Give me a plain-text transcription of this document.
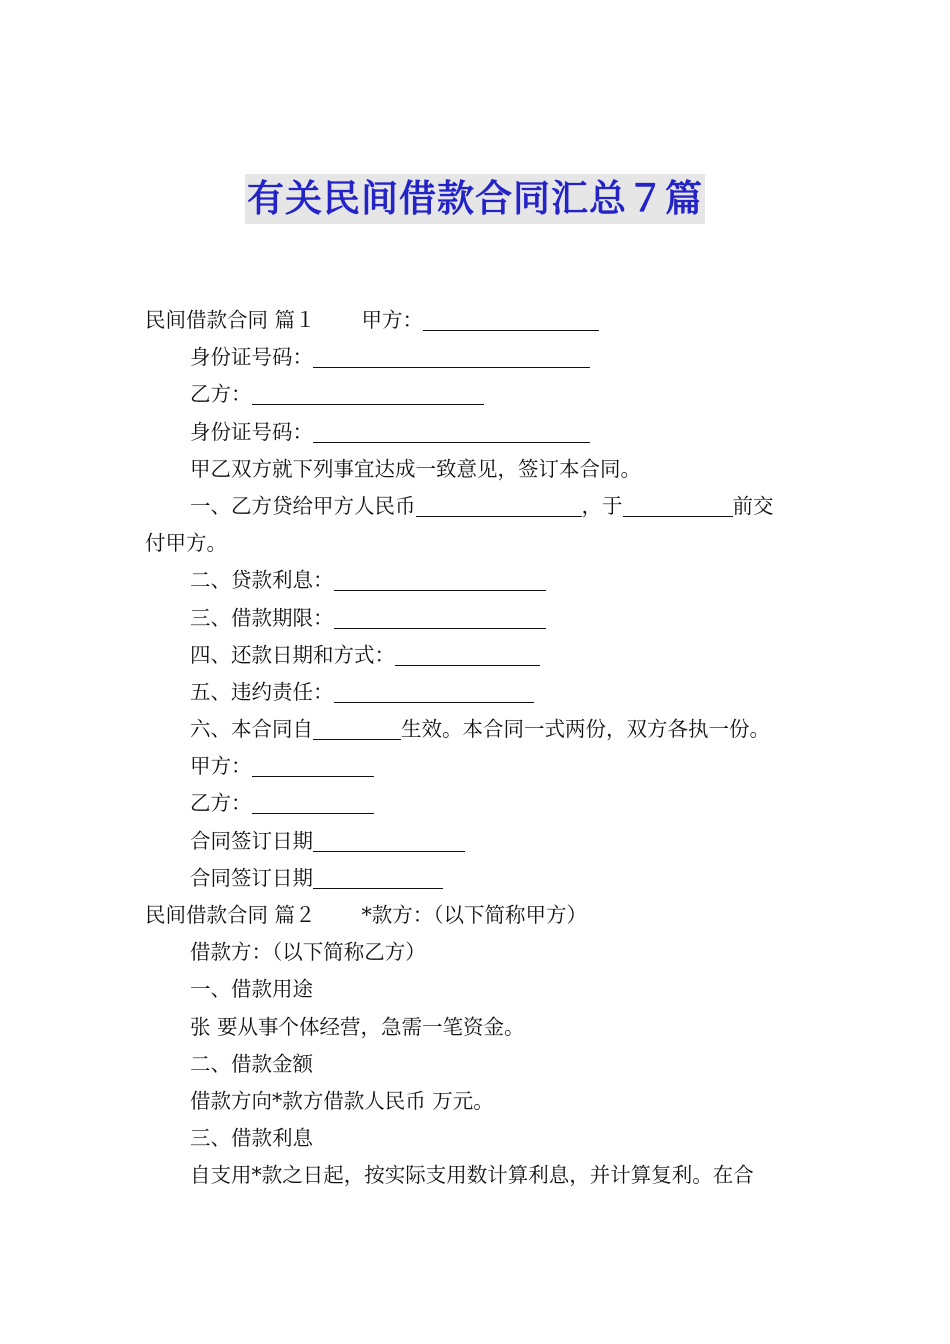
有关民间借款合同汇总７篇
民间借款合同 篇１ 甲方：
身份证号码：
乙方：
身份证号码：
甲乙双方就下列事宜达成一致意见，签订本合同。
一、乙方贷给甲方人民币	，于	前交
付甲方。
二、贷款利息：
三、借款期限：
四、还款日期和方式：
五、违约责任：
六、本合同自	生效。本合同一式两份，双方各执一份。
甲方：
乙方：
合同签订日期
合同签订日期
民间借款合同 篇２ *款方：（以下简称甲方）
借款方：（以下简称乙方）
一、借款用途
张 要从事个体经营，急需一笔资金。
二、借款金额
借款方向*款方借款人民币 万元。
三、借款利息
自支用*款之日起，按实际支用数计算利息，并计算复利。在合
